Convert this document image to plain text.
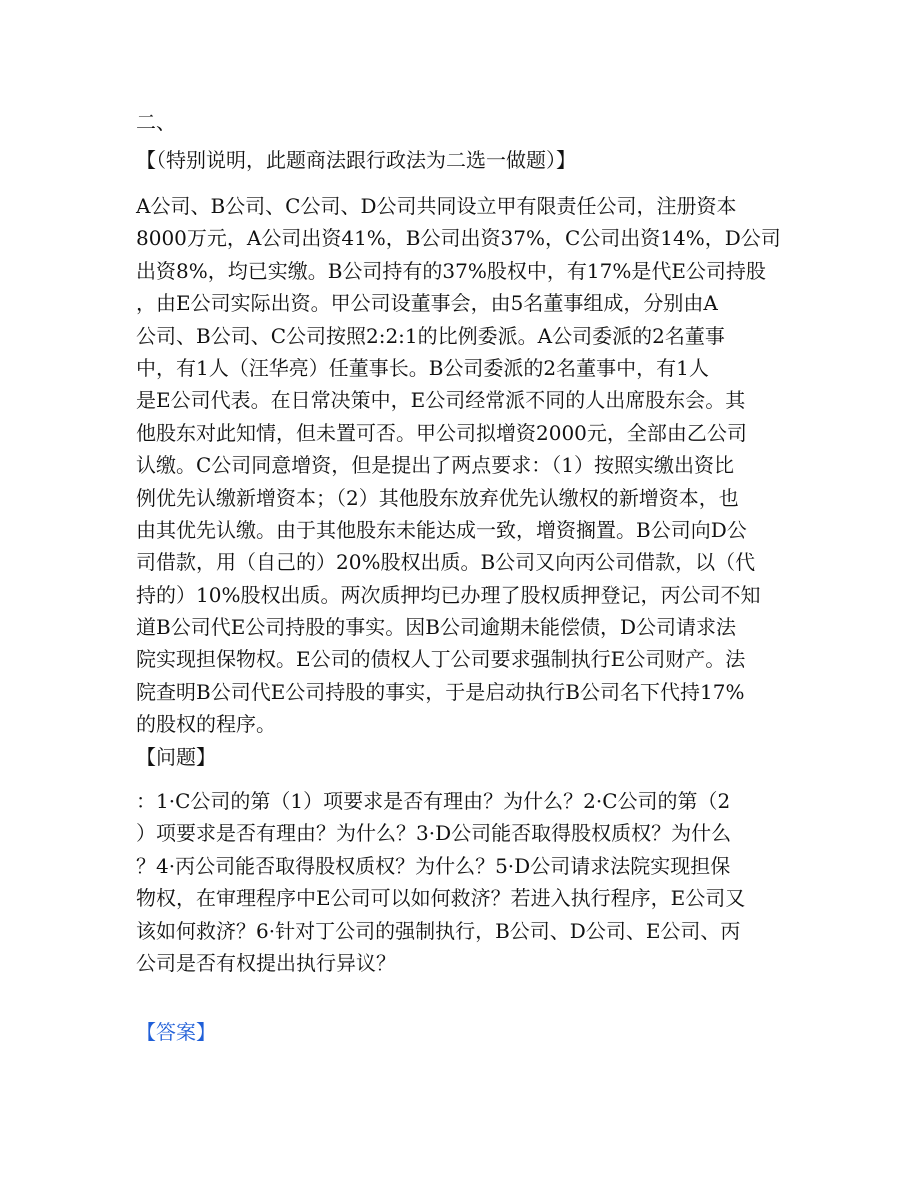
二、
【（特别说明，此题商法跟行政法为二选一做题）】
A公司、B公司、C公司、D公司共同设立甲有限责任公司，注册资本
8000万元，A公司出资41%，B公司出资37%，C公司出资14%，D公司
出资8%，均已实缴。B公司持有的37%股权中，有17%是代E公司持股
，由E公司实际出资。甲公司设董事会，由5名董事组成，分别由A
公司、B公司、C公司按照2:2:1的比例委派。A公司委派的2名董事
中，有1人（汪华亮）任董事长。B公司委派的2名董事中，有1人
是E公司代表。在日常决策中，E公司经常派不同的人出席股东会。其
他股东对此知情，但未置可否。甲公司拟增资2000元，全部由乙公司
认缴。C公司同意增资，但是提出了两点要求：（1）按照实缴出资比
例优先认缴新增资本；（2）其他股东放弃优先认缴权的新增资本，也
由其优先认缴。由于其他股东未能达成一致，增资搁置。B公司向D公
司借款，用（自己的）20%股权出质。B公司又向丙公司借款，以（代
持的）10%股权出质。两次质押均已办理了股权质押登记，丙公司不知
道B公司代E公司持股的事实。因B公司逾期未能偿债，D公司请求法
院实现担保物权。E公司的债权人丁公司要求强制执行E公司财产。法
院查明B公司代E公司持股的事实，于是启动执行B公司名下代持17%
的股权的程序。
【问题】
：1·C公司的第（1）项要求是否有理由？为什么？2·C公司的第（2
）项要求是否有理由？为什么？3·D公司能否取得股权质权？为什么
？4·丙公司能否取得股权质权？为什么？5·D公司请求法院实现担保
物权，在审理程序中E公司可以如何救济？若进入执行程序，E公司又
该如何救济？6·针对丁公司的强制执行，B公司、D公司、E公司、丙
公司是否有权提出执行异议？
【答案】
